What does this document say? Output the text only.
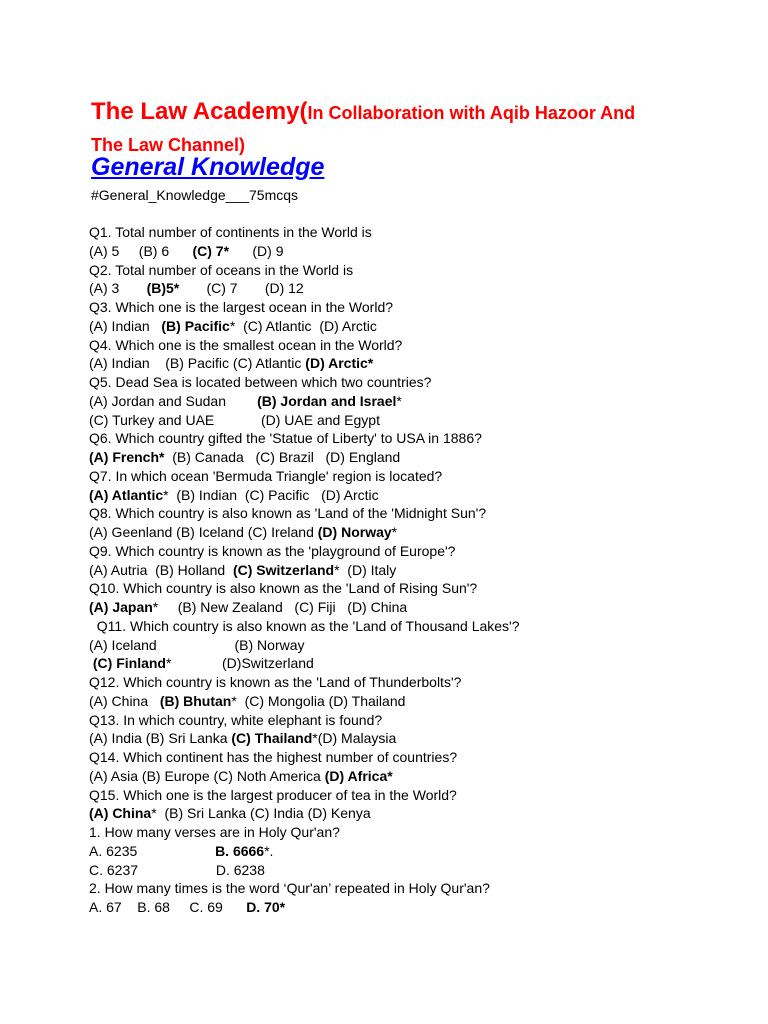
The Law Academy(In Collaboration with Aqib Hazoor And
The Law Channel)
General Knowledge
#General_Knowledge___75mcqs
Q1. Total number of continents in the World is
(A) 5     (B) 6      (C) 7*      (D) 9
Q2. Total number of oceans in the World is
(A) 3       (B)5*       (C) 7       (D) 12
Q3. Which one is the largest ocean in the World?
(A) Indian   (B) Pacific*  (C) Atlantic  (D) Arctic
Q4. Which one is the smallest ocean in the World?
(A) Indian    (B) Pacific (C) Atlantic (D) Arctic*
Q5. Dead Sea is located between which two countries?
(A) Jordan and Sudan        (B) Jordan and Israel*
(C) Turkey and UAE            (D) UAE and Egypt
Q6. Which country gifted the 'Statue of Liberty' to USA in 1886?
(A) French*  (B) Canada   (C) Brazil   (D) England
Q7. In which ocean 'Bermuda Triangle' region is located?
(A) Atlantic*  (B) Indian  (C) Pacific   (D) Arctic
Q8. Which country is also known as 'Land of the 'Midnight Sun'?
(A) Geenland (B) Iceland (C) Ireland (D) Norway*
Q9. Which country is known as the 'playground of Europe'?
(A) Autria  (B) Holland  (C) Switzerland*  (D) Italy
Q10. Which country is also known as the 'Land of Rising Sun'?
(A) Japan*     (B) New Zealand   (C) Fiji   (D) China
Q11. Which country is also known as the 'Land of Thousand Lakes'?
(A) Iceland                    (B) Norway
(C) Finland*             (D)Switzerland
Q12. Which country is known as the 'Land of Thunderbolts'?
(A) China   (B) Bhutan*  (C) Mongolia (D) Thailand
Q13. In which country, white elephant is found?
(A) India (B) Sri Lanka (C) Thailand*(D) Malaysia
Q14. Which continent has the highest number of countries?
(A) Asia (B) Europe (C) Noth America (D) Africa*
Q15. Which one is the largest producer of tea in the World?
(A) China*  (B) Sri Lanka (C) India (D) Kenya
1. How many verses are in Holy Qur'an?
A. 6235                    B. 6666*.
C. 6237                    D. 6238
2. How many times is the word ‘Qur'an’ repeated in Holy Qur'an?
A. 67    B. 68     C. 69      D. 70*
